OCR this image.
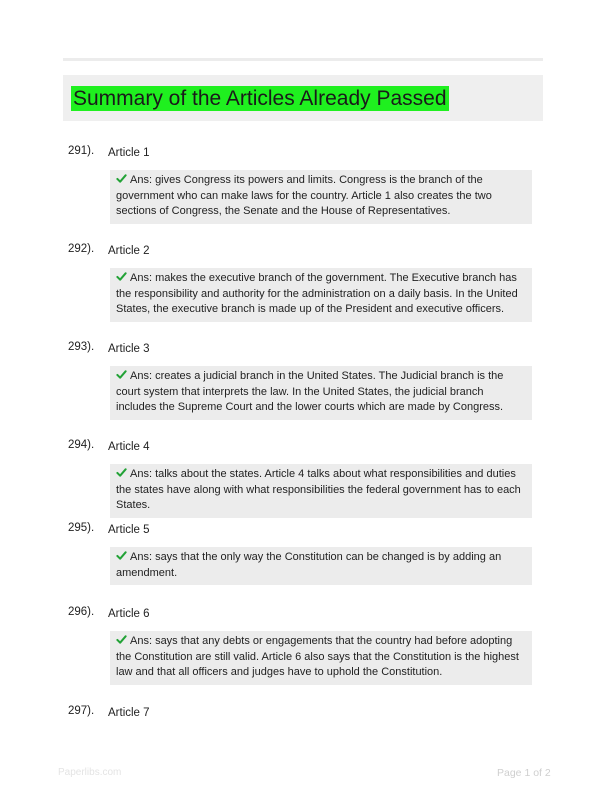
Summary of the Articles Already Passed
291). Article 1
Ans: gives Congress its powers and limits. Congress is the branch of the government who can make laws for the country. Article 1 also creates the two sections of Congress, the Senate and the House of Representatives.
292). Article 2
Ans: makes the executive branch of the government. The Executive branch has the responsibility and authority for the administration on a daily basis. In the United States, the executive branch is made up of the President and executive officers.
293). Article 3
Ans: creates a judicial branch in the United States. The Judicial branch is the court system that interprets the law. In the United States, the judicial branch includes the Supreme Court and the lower courts which are made by Congress.
294). Article 4
Ans: talks about the states. Article 4 talks about what responsibilities and duties the states have along with what responsibilities the federal government has to each States.
295). Article 5
Ans: says that the only way the Constitution can be changed is by adding an amendment.
296). Article 6
Ans: says that any debts or engagements that the country had before adopting the Constitution are still valid. Article 6 also says that the Constitution is the highest law and that all officers and judges have to uphold the Constitution.
297). Article 7
Paperlibs.com	Page 1 of 2
